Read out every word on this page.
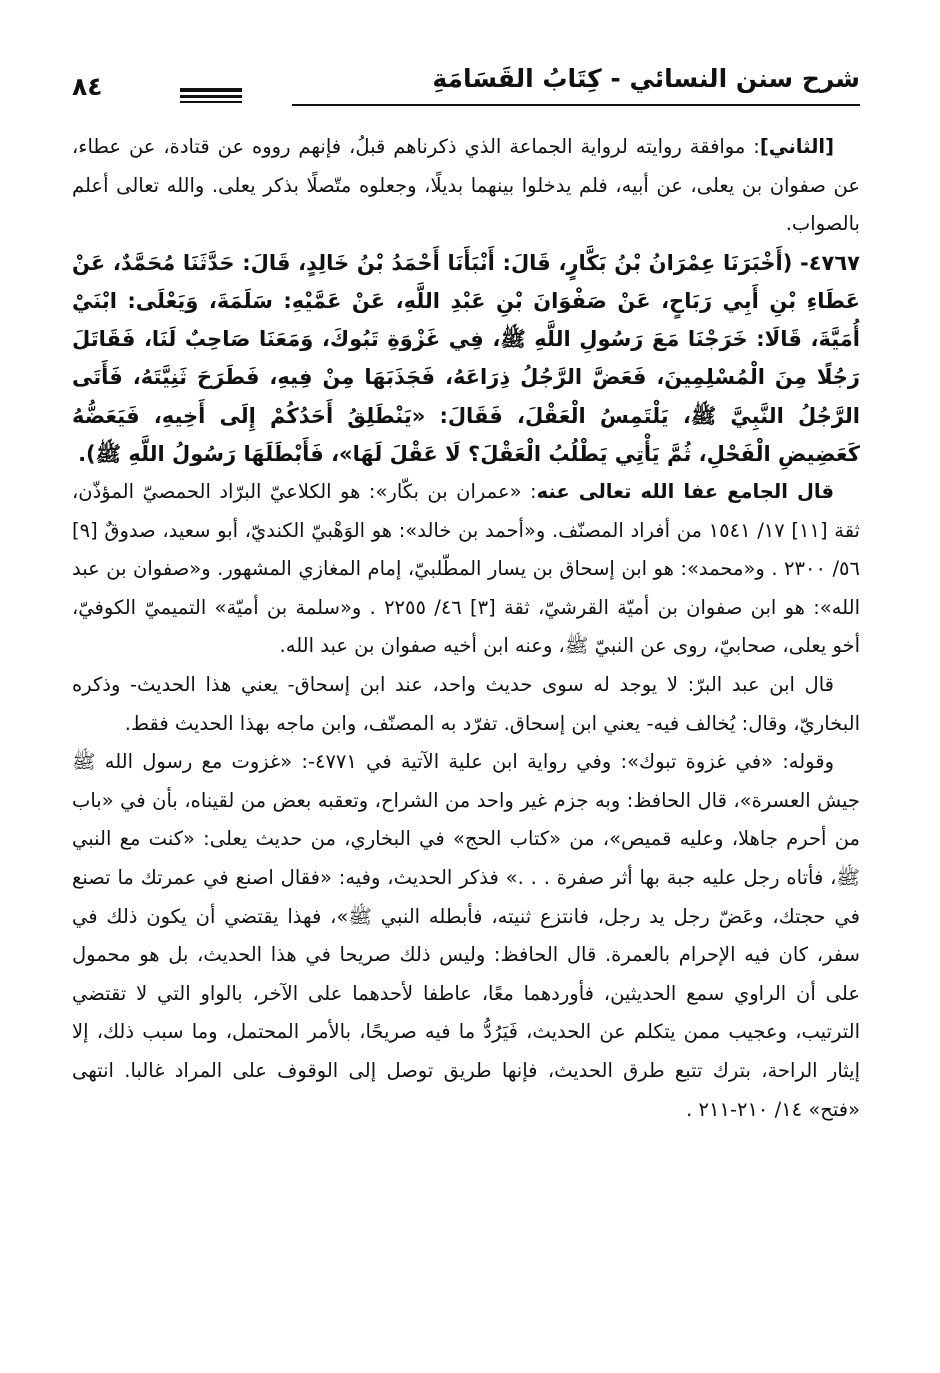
شرح سنن النسائي - كِتَابُ القَسَامَةِ
٨٤

[الثاني]: موافقة روايته لرواية الجماعة الذي ذكرناهم قبلُ، فإنهم رووه عن قتادة، عن عطاء، عن صفوان بن يعلى، عن أبيه، فلم يدخلوا بينهما بديلًا، وجعلوه متّصلًا بذكر يعلى. والله تعالى أعلم بالصواب.

٤٧٦٧- (أَخْبَرَنَا عِمْرَانُ بْنُ بَكَّارٍ، قَالَ: أَنْبَأَنَا أَحْمَدُ بْنُ خَالِدٍ، قَالَ: حَدَّثَنَا مُحَمَّدٌ، عَنْ عَطَاءِ بْنِ أَبِي رَبَاحٍ، عَنْ صَفْوَانَ بْنِ عَبْدِ اللَّهِ، عَنْ عَمَّيْهِ: سَلَمَةَ، وَيَعْلَى: ابْنَيْ أُمَيَّةَ، قَالَا: خَرَجْنَا مَعَ رَسُولِ اللَّهِ ﷺ، فِي غَزْوَةِ تَبُوكَ، وَمَعَنَا صَاحِبٌ لَنَا، فَقَاتَلَ رَجُلًا مِنَ الْمُسْلِمِينَ، فَعَضَّ الرَّجُلُ ذِرَاعَهُ، فَجَذَبَهَا مِنْ فِيهِ، فَطَرَحَ ثَنِيَّتَهُ، فَأَتَى الرَّجُلُ النَّبِيَّ ﷺ، يَلْتَمِسُ الْعَقْلَ، فَقَالَ: «يَنْطَلِقُ أَحَدُكُمْ إِلَى أَخِيهِ، فَيَعَضُّهُ كَعَضِيضِ الْفَحْلِ، ثُمَّ يَأْتِي يَطْلُبُ الْعَقْلَ؟ لَا عَقْلَ لَهَا»، فَأَبْطَلَهَا رَسُولُ اللَّهِ ﷺ).

قال الجامع عفا الله تعالى عنه: «عمران بن بكّار»: هو الكلاعيّ البرّاد الحمصيّ المؤذّن، ثقة [١١] ١٧/ ١٥٤١ من أفراد المصنّف. و«أحمد بن خالد»: هو الوَهْبيّ الكنديّ، أبو سعيد، صدوقٌ [٩] ٥٦/ ٢٣٠٠ . و«محمد»: هو ابن إسحاق بن يسار المطّلبيّ، إمام المغازي المشهور. و«صفوان بن عبد الله»: هو ابن صفوان بن أميّة القرشيّ، ثقة [٣] ٤٦/ ٢٢٥٥ . و«سلمة بن أميّة» التميميّ الكوفيّ، أخو يعلى، صحابيّ، روى عن النبيّ ﷺ، وعنه ابن أخيه صفوان بن عبد الله.

قال ابن عبد البرّ: لا يوجد له سوى حديث واحد، عند ابن إسحاق- يعني هذا الحديث- وذكره البخاريّ، وقال: يُخالف فيه- يعني ابن إسحاق. تفرّد به المصنّف، وابن ماجه بهذا الحديث فقط.

وقوله: «في غزوة تبوك»: وفي رواية ابن علية الآتية في ٤٧٧١-: «غزوت مع رسول الله ﷺ جيش العسرة»، قال الحافظ: وبه جزم غير واحد من الشراح، وتعقبه بعض من لقيناه، بأن في «باب من أحرم جاهلا، وعليه قميص»، من «كتاب الحج» في البخاري، من حديث يعلى: «كنت مع النبي ﷺ، فأتاه رجل عليه جبة بها أثر صفرة . . .» فذكر الحديث، وفيه: «فقال اصنع في عمرتك ما تصنع في حجتك، وعَضّ رجل يد رجل، فانتزع ثنيته، فأبطله النبي ﷺ»، فهذا يقتضي أن يكون ذلك في سفر، كان فيه الإحرام بالعمرة. قال الحافظ: وليس ذلك صريحا في هذا الحديث، بل هو محمول على أن الراوي سمع الحديثين، فأوردهما معًا، عاطفا لأحدهما على الآخر، بالواو التي لا تقتضي الترتيب، وعجيب ممن يتكلم عن الحديث، فَيَرُدُّ ما فيه صريحًا، بالأمر المحتمل، وما سبب ذلك، إلا إيثار الراحة، بترك تتبع طرق الحديث، فإنها طريق توصل إلى الوقوف على المراد غالبا. انتهى «فتح» ١٤/ ٢١٠-٢١١ .
